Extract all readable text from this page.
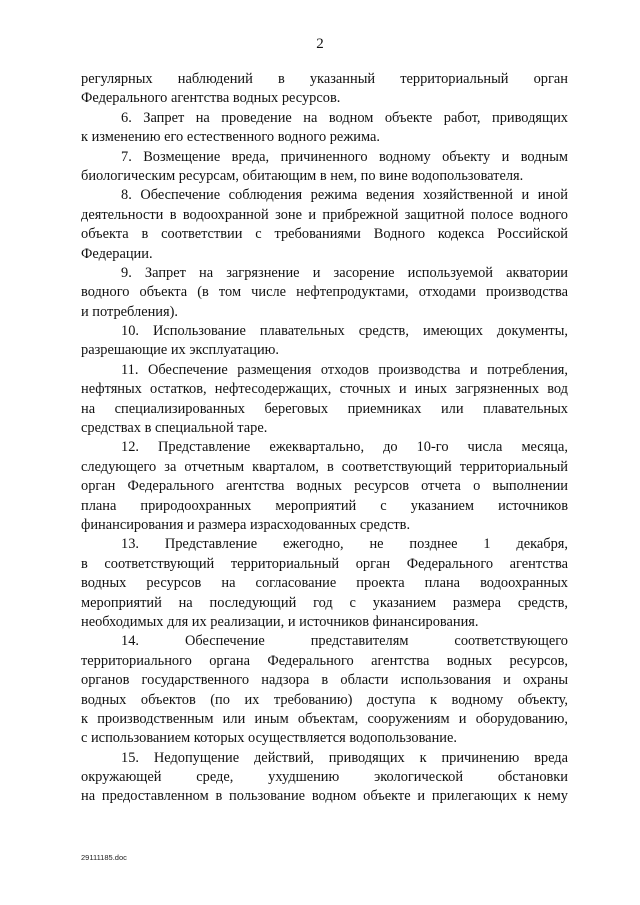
2
регулярных наблюдений в указанный территориальный орган
Федерального агентства водных ресурсов.
6. Запрет на проведение на водном объекте работ, приводящих
к изменению его естественного водного режима.
7. Возмещение вреда, причиненного водному объекту и водным
биологическим ресурсам, обитающим в нем, по вине водопользователя.
8. Обеспечение соблюдения режима ведения хозяйственной и иной
деятельности в водоохранной зоне и прибрежной защитной полосе водного
объекта в соответствии с требованиями Водного кодекса Российской
Федерации.
9. Запрет на загрязнение и засорение используемой акватории
водного объекта (в том числе нефтепродуктами, отходами производства
и потребления).
10. Использование плавательных средств, имеющих документы,
разрешающие их эксплуатацию.
11. Обеспечение размещения отходов производства и потребления,
нефтяных остатков, нефтесодержащих, сточных и иных загрязненных вод
на специализированных береговых приемниках или плавательных
средствах в специальной таре.
12. Представление ежеквартально, до 10-го числа месяца,
следующего за отчетным кварталом, в соответствующий территориальный
орган Федерального агентства водных ресурсов отчета о выполнении
плана природоохранных мероприятий с указанием источников
финансирования и размера израсходованных средств.
13. Представление ежегодно, не позднее 1 декабря,
в соответствующий территориальный орган Федерального агентства
водных ресурсов на согласование проекта плана водоохранных
мероприятий на последующий год с указанием размера средств,
необходимых для их реализации, и источников финансирования.
14. Обеспечение представителям соответствующего
территориального органа Федерального агентства водных ресурсов,
органов государственного надзора в области использования и охраны
водных объектов (по их требованию) доступа к водному объекту,
к производственным или иным объектам, сооружениям и оборудованию,
с использованием которых осуществляется водопользование.
15. Недопущение действий, приводящих к причинению вреда
окружающей среде, ухудшению экологической обстановки
на предоставленном в пользование водном объекте и прилегающих к нему
29111185.doc
